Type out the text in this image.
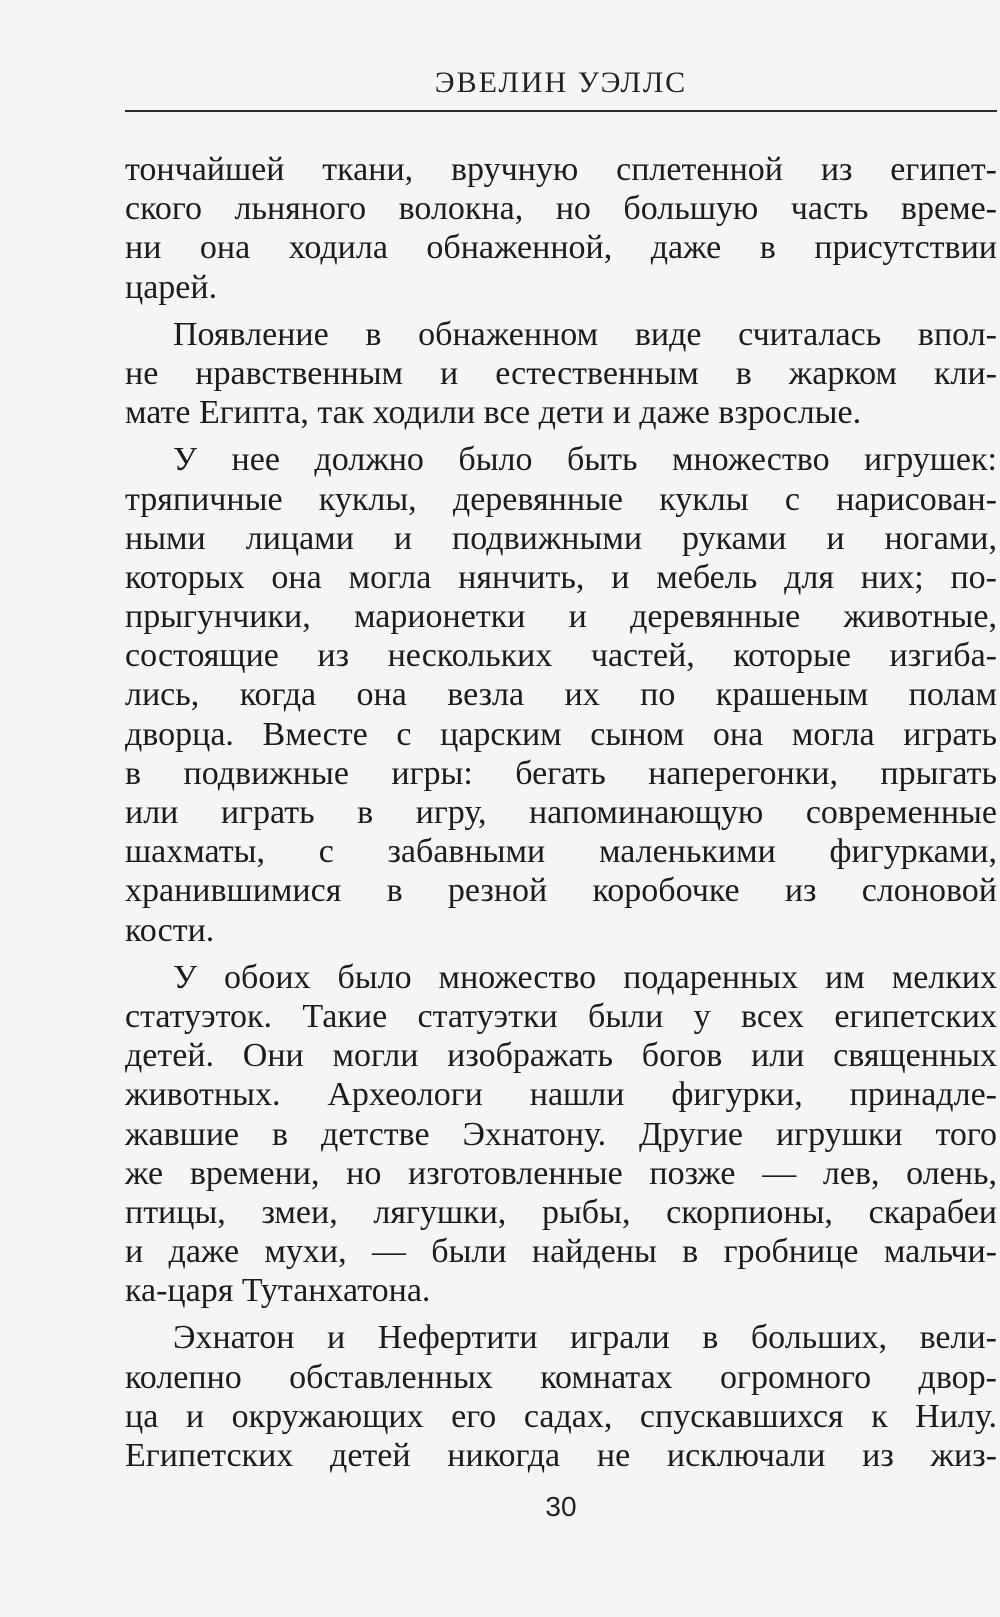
ЭВЕЛИН УЭЛЛС

тончайшей ткани, вручную сплетенной из египет-
ского льняного волокна, но большую часть време-
ни она ходила обнаженной, даже в присутствии
царей.

Появление в обнаженном виде считалась впол-
не нравственным и естественным в жарком кли-
мате Египта, так ходили все дети и даже взрослые.

У нее должно было быть множество игрушек:
тряпичные куклы, деревянные куклы с нарисован-
ными лицами и подвижными руками и ногами,
которых она могла нянчить, и мебель для них; по-
прыгунчики, марионетки и деревянные животные,
состоящие из нескольких частей, которые изгиба-
лись, когда она везла их по крашеным полам
дворца. Вместе с царским сыном она могла играть
в подвижные игры: бегать наперегонки, прыгать
или играть в игру, напоминающую современные
шахматы, с забавными маленькими фигурками,
хранившимися в резной коробочке из слоновой
кости.

У обоих было множество подаренных им мелких
статуэток. Такие статуэтки были у всех египетских
детей. Они могли изображать богов или священных
животных. Археологи нашли фигурки, принадле-
жавшие в детстве Эхнатону. Другие игрушки того
же времени, но изготовленные позже — лев, олень,
птицы, змеи, лягушки, рыбы, скорпионы, скарабеи
и даже мухи, — были найдены в гробнице мальчи-
ка-царя Тутанхатона.

Эхнатон и Нефертити играли в больших, вели-
колепно обставленных комнатах огромного двор-
ца и окружающих его садах, спускавшихся к Нилу.
Египетских детей никогда не исключали из жиз-

30
